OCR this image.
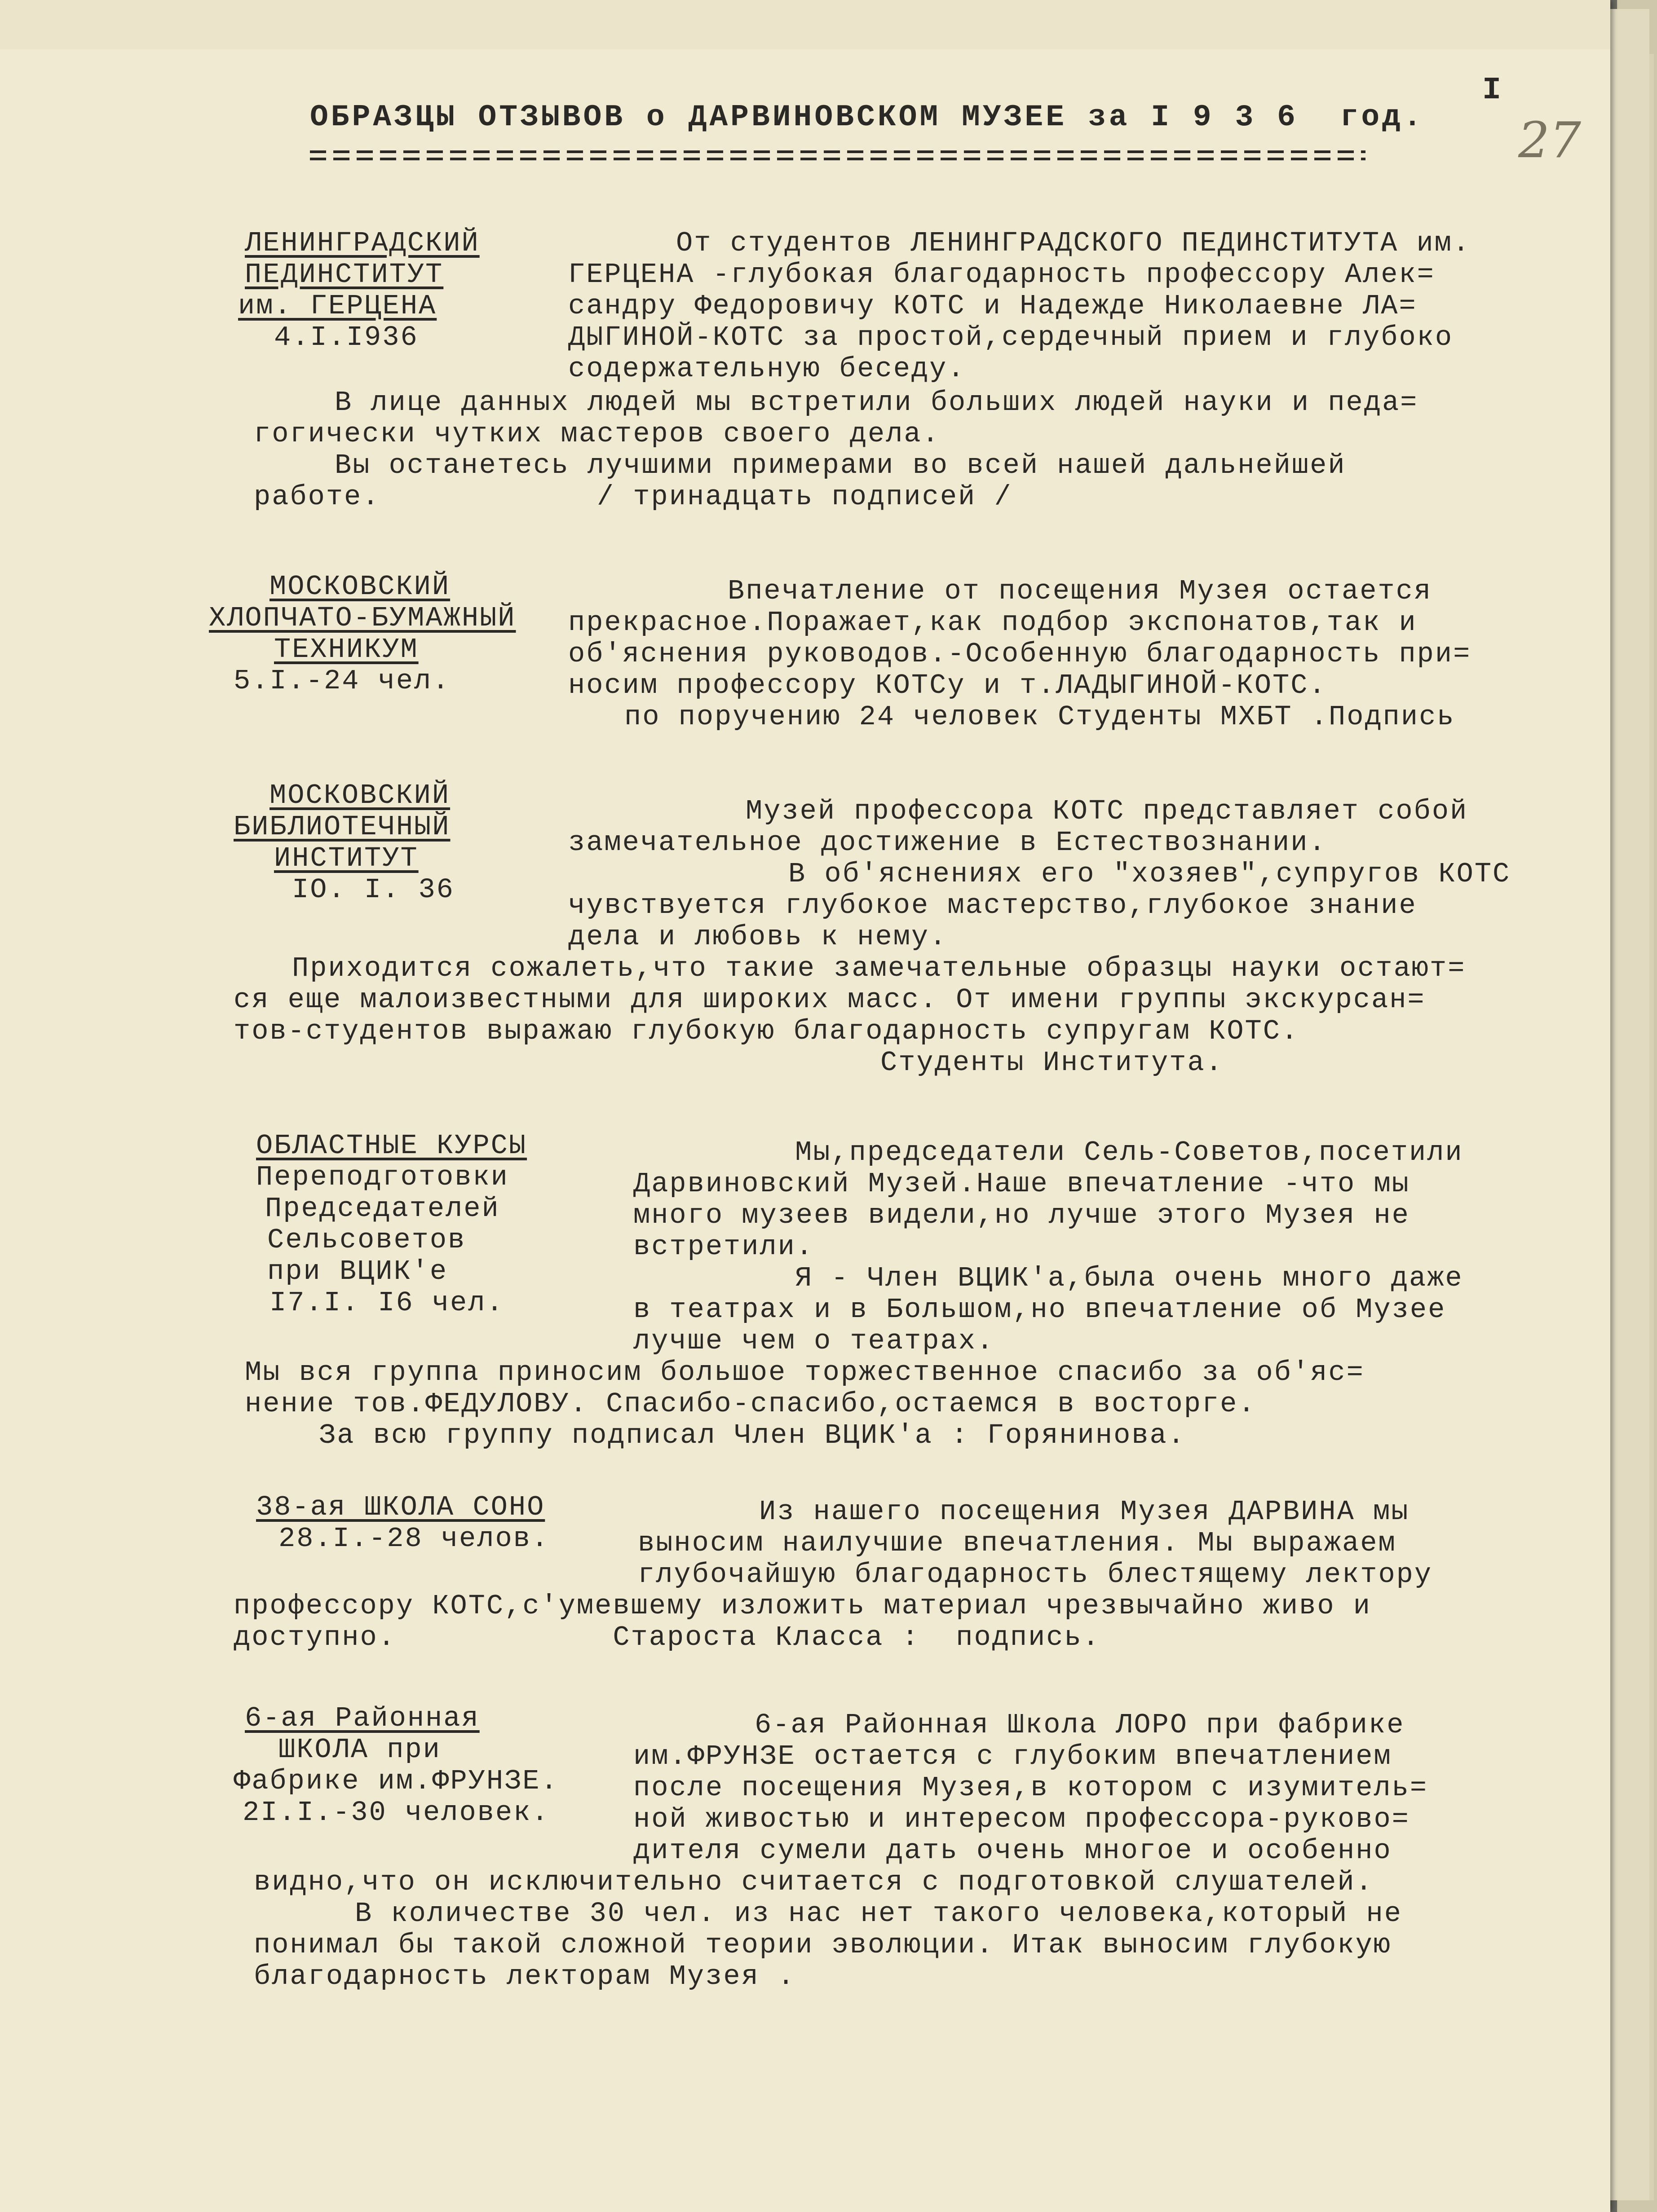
ОБРАЗЦЫ ОТЗЫВОВ о ДАРВИНОВСКОМ МУЗЕЕ за I 9 3 6  год.
I
27
ЛЕНИНГРАДСКИЙ
ПЕДИНСТИТУТ
им. ГЕРЦЕНА
4.I.I936
От студентов ЛЕНИНГРАДСКОГО ПЕДИНСТИТУТА им.
ГЕРЦЕНА -глубокая благодарность профессору Алек=
сандру Федоровичу КОТС и Надежде Николаевне ЛА=
ДЫГИНОЙ-КОТС за простой,сердечный прием и глубоко
содержательную беседу.
В лице данных людей мы встретили больших людей науки и педа=
гогически чутких мастеров своего дела.
Вы останетесь лучшими примерами во всей нашей дальнейшей
работе.            / тринадцать подписей /
МОСКОВСКИЙ
ХЛОПЧАТО-БУМАЖНЫЙ
ТЕХНИКУМ
5.I.-24 чел.
Впечатление от посещения Музея остается
прекрасное.Поражает,как подбор экспонатов,так и
об'яснения руководов.-Особенную благодарность при=
носим профессору КОТСу и т.ЛАДЫГИНОЙ-КОТС.
по поручению 24 человек Студенты МХБТ .Подпись
МОСКОВСКИЙ
БИБЛИОТЕЧНЫЙ
ИНСТИТУТ
IO. I. 36
Музей профессора КОТС представляет собой
замечательное достижение в Естествознании.
В об'яснениях его "хозяев",супругов КОТС
чувствуется глубокое мастерство,глубокое знание
дела и любовь к нему.
Приходится сожалеть,что такие замечательные образцы науки остают=
ся еще малоизвестными для широких масс. От имени группы экскурсан=
тов-студентов выражаю глубокую благодарность супругам КОТС.
Студенты Института.
ОБЛАСТНЫЕ КУРСЫ
Переподготовки
Председателей
Сельсоветов
при ВЦИК'е
I7.I. I6 чел.
Мы,председатели Сель-Советов,посетили
Дарвиновский Музей.Наше впечатление -что мы
много музеев видели,но лучше этого Музея не
встретили.
Я - Член ВЦИК'а,была очень много даже
в театрах и в Большом,но впечатление об Музее
лучше чем о театрах.
Мы вся группа приносим большое торжественное спасибо за об'яс=
нение тов.ФЕДУЛОВУ. Спасибо-спасибо,остаемся в восторге.
За всю группу подписал Член ВЦИК'а : Горянинова.
38-ая ШКОЛА СОНО
28.I.-28 челов.
Из нашего посещения Музея ДАРВИНА мы
выносим наилучшие впечатления. Мы выражаем
глубочайшую благодарность блестящему лектору
профессору КОТС,с'умевшему изложить материал чрезвычайно живо и
доступно.            Староста Класса :  подпись.
6-ая Районная
ШКОЛА при
Фабрике им.ФРУНЗЕ.
2I.I.-30 человек.
6-ая Районная Школа ЛОРО при фабрике
им.ФРУНЗЕ остается с глубоким впечатлением
после посещения Музея,в котором с изумитель=
ной живостью и интересом профессора-руково=
дителя сумели дать очень многое и особенно
видно,что он исключительно считается с подготовкой слушателей.
В количестве 30 чел. из нас нет такого человека,который не
понимал бы такой сложной теории эволюции. Итак выносим глубокую
благодарность лекторам Музея .
